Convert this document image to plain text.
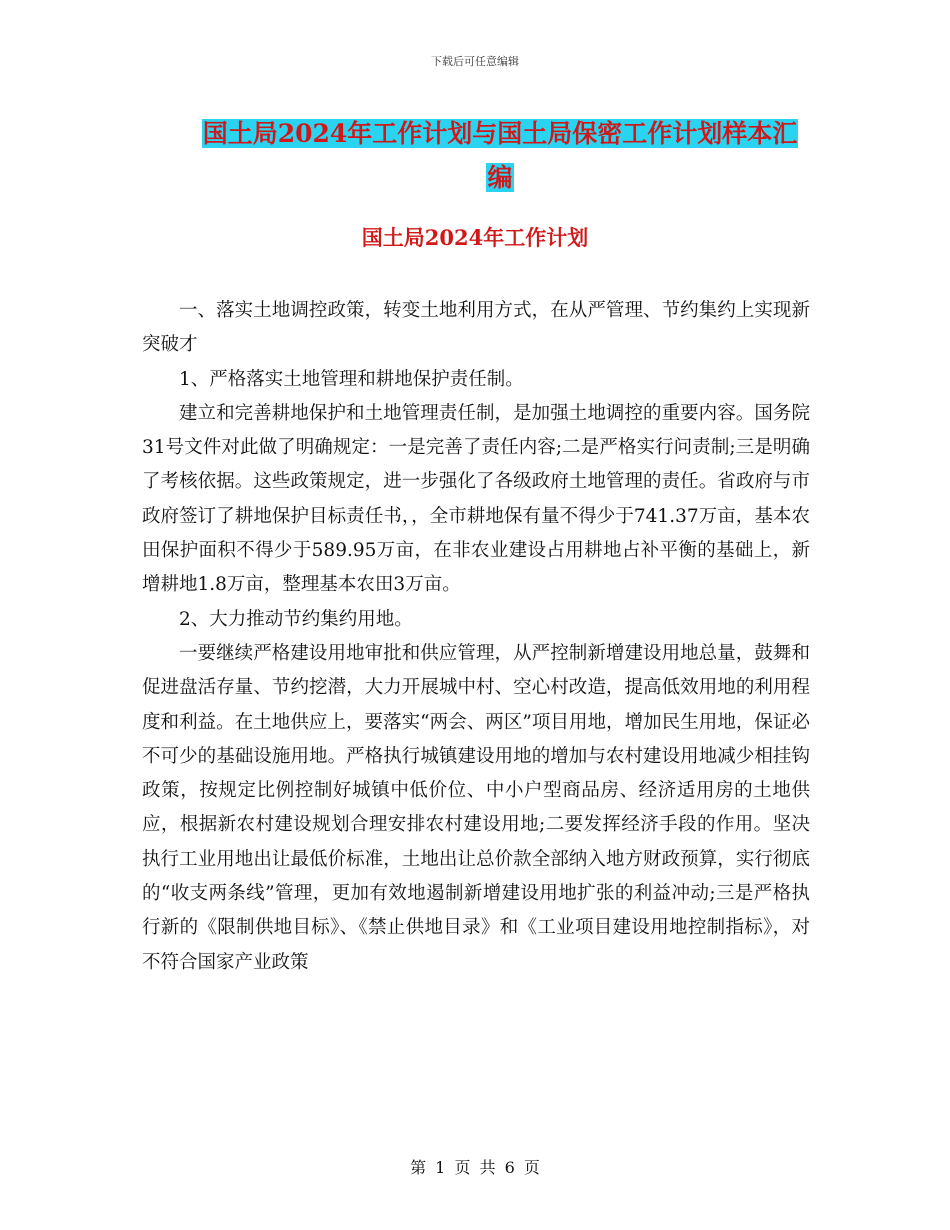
下载后可任意编辑
国土局2024年工作计划与国土局保密工作计划样本汇
编
国土局2024年工作计划

一、落实土地调控政策，转变土地利用方式，在从严管理、节约集约上实现新突破才

1、严格落实土地管理和耕地保护责任制。

建立和完善耕地保护和土地管理责任制，是加强土地调控的重要内容。国务院31号文件对此做了明确规定：一是完善了责任内容;二是严格实行问责制;三是明确了考核依据。这些政策规定，进一步强化了各级政府土地管理的责任。省政府与市政府签订了耕地保护目标责任书，，全市耕地保有量不得少于741.37万亩，基本农田保护面积不得少于589.95万亩，在非农业建设占用耕地占补平衡的基础上，新增耕地1.8万亩，整理基本农田3万亩。

2、大力推动节约集约用地。

一要继续严格建设用地审批和供应管理，从严控制新增建设用地总量，鼓舞和促进盘活存量、节约挖潜，大力开展城中村、空心村改造，提高低效用地的利用程度和利益。在土地供应上，要落实“两会、两区”项目用地，增加民生用地，保证必不可少的基础设施用地。严格执行城镇建设用地的增加与农村建设用地减少相挂钩政策，按规定比例控制好城镇中低价位、中小户型商品房、经济适用房的土地供应，根据新农村建设规划合理安排农村建设用地;二要发挥经济手段的作用。坚决执行工业用地出让最低价标准，土地出让总价款全部纳入地方财政预算，实行彻底的“收支两条线”管理，更加有效地遏制新增建设用地扩张的利益冲动;三是严格执行新的《限制供地目标》、《禁止供地目录》和《工业项目建设用地控制指标》，对不符合国家产业政策

第 1 页 共 6 页
